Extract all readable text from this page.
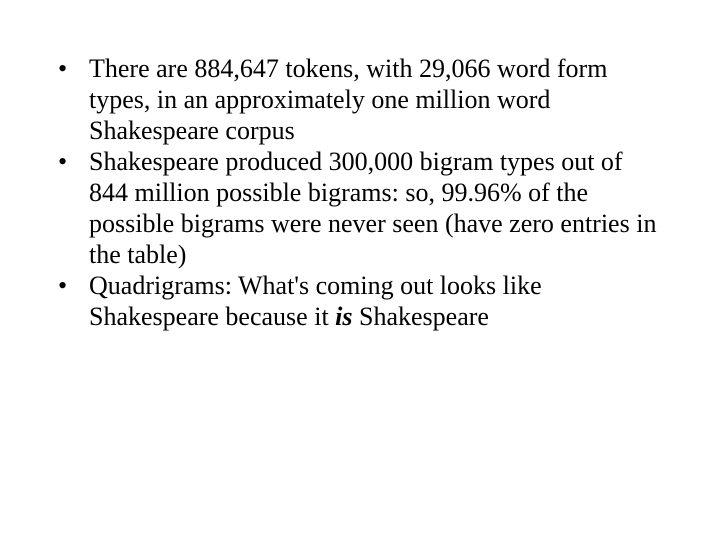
• There are 884,647 tokens, with 29,066 word form types, in an approximately one million word Shakespeare corpus
• Shakespeare produced 300,000 bigram types out of 844 million possible bigrams: so, 99.96% of the possible bigrams were never seen (have zero entries in the table)
• Quadrigrams: What's coming out looks like Shakespeare because it is Shakespeare
